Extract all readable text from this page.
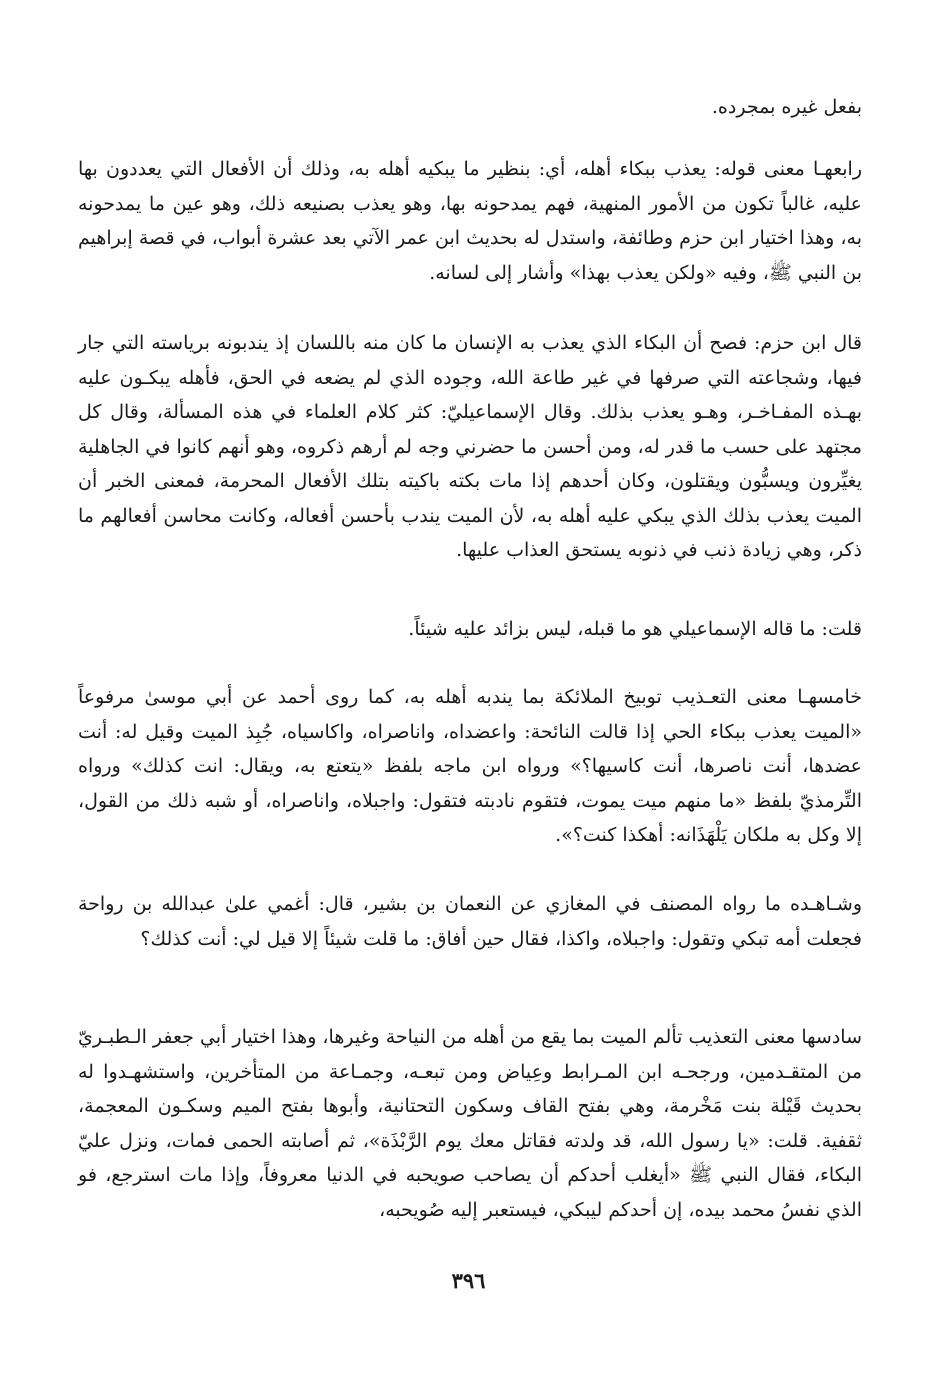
بفعل غيره بمجرده.

رابعهـا معنى قوله: يعذب ببكاء أهله، أي: بنظير ما يبكيه أهله به، وذلك أن الأفعال التي يعددون بها عليه، غالباً تكون من الأمور المنهية، فهم يمدحونه بها، وهو يعذب بصنيعه ذلك، وهو عين ما يمدحونه به، وهذا اختيار ابن حزم وطائفة، واستدل له بحديث ابن عمر الآتي بعد عشرة أبواب، في قصة إبراهيم بن النبي ﷺ، وفيه «ولكن يعذب بهذا» وأشار إلى لسانه.

قال ابن حزم: فصح أن البكاء الذي يعذب به الإنسان ما كان منه باللسان إذ يندبونه برياسته التي جار فيها، وشجاعته التي صرفها في غير طاعة الله، وجوده الذي لم يضعه في الحق، فأهله يبكـون عليه بهـذه المفـاخـر، وهـو يعذب بذلك. وقال الإسماعيليّ: كثر كلام العلماء في هذه المسألة، وقال كل مجتهد على حسب ما قدر له، ومن أحسن ما حضرني وجه لم أرهم ذكروه، وهو أنهم كانوا في الجاهلية يغيِّرون ويسبُّون ويقتلون، وكان أحدهم إذا مات بكته باكيته بتلك الأفعال المحرمة، فمعنى الخبر أن الميت يعذب بذلك الذي يبكي عليه أهله به، لأن الميت يندب بأحسن أفعاله، وكانت محاسن أفعالهم ما ذكر، وهي زيادة ذنب في ذنوبه يستحق العذاب عليها.

قلت: ما قاله الإسماعيلي هو ما قبله، ليس بزائد عليه شيئاً.

خامسهـا معنى التعـذيب توبيخ الملائكة بما يندبه أهله به، كما روى أحمد عن أبي موسىٰ مرفوعاً «الميت يعذب ببكاء الحي إذا قالت النائحة: واعضداه، واناصراه، واكاسياه، جُبِذ الميت وقيل له: أنت عضدها، أنت ناصرها، أنت كاسيها؟» ورواه ابن ماجه بلفظ «يتعتع به، ويقال: انت كذلك» ورواه التِّرمذيّ بلفظ «ما منهم ميت يموت، فتقوم نادبته فتقول: واجبلاه، واناصراه، أو شبه ذلك من القول، إلا وكل به ملكان يَلْهَذَانه: أهكذا كنت؟».

وشـاهـده ما رواه المصنف في المغازي عن النعمان بن بشير، قال: أغمي علىٰ عبدالله بن رواحة فجعلت أمه تبكي وتقول: واجبلاه، واكذا، فقال حين أفاق: ما قلت شيئاً إلا قيل لي: أنت كذلك؟

سادسها معنى التعذيب تألم الميت بما يقع من أهله من النياحة وغيرها، وهذا اختيار أبي جعفر الـطبـريّ من المتقـدمين، ورجحـه ابن المـرابط وعِياض ومن تبعـه، وجمـاعة من المتأخرين، واستشهـدوا له بحديث قَيْلة بنت مَخْرمة، وهي بفتح القاف وسكون التحتانية، وأبوها بفتح الميم وسكـون المعجمة، ثقفية. قلت: «يا رسول الله، قد ولدته فقاتل معك يوم الرَّبْذَة»، ثم أصابته الحمى فمات، ونزل عليّ البكاء، فقال النبي ﷺ «أيغلب أحدكم أن يصاحب صويحبه في الدنيا معروفاً، وإذا مات استرجع، فو الذي نفسُ محمد بيده، إن أحدكم ليبكي، فيستعبر إليه صُويحبه،

٣٩٦
